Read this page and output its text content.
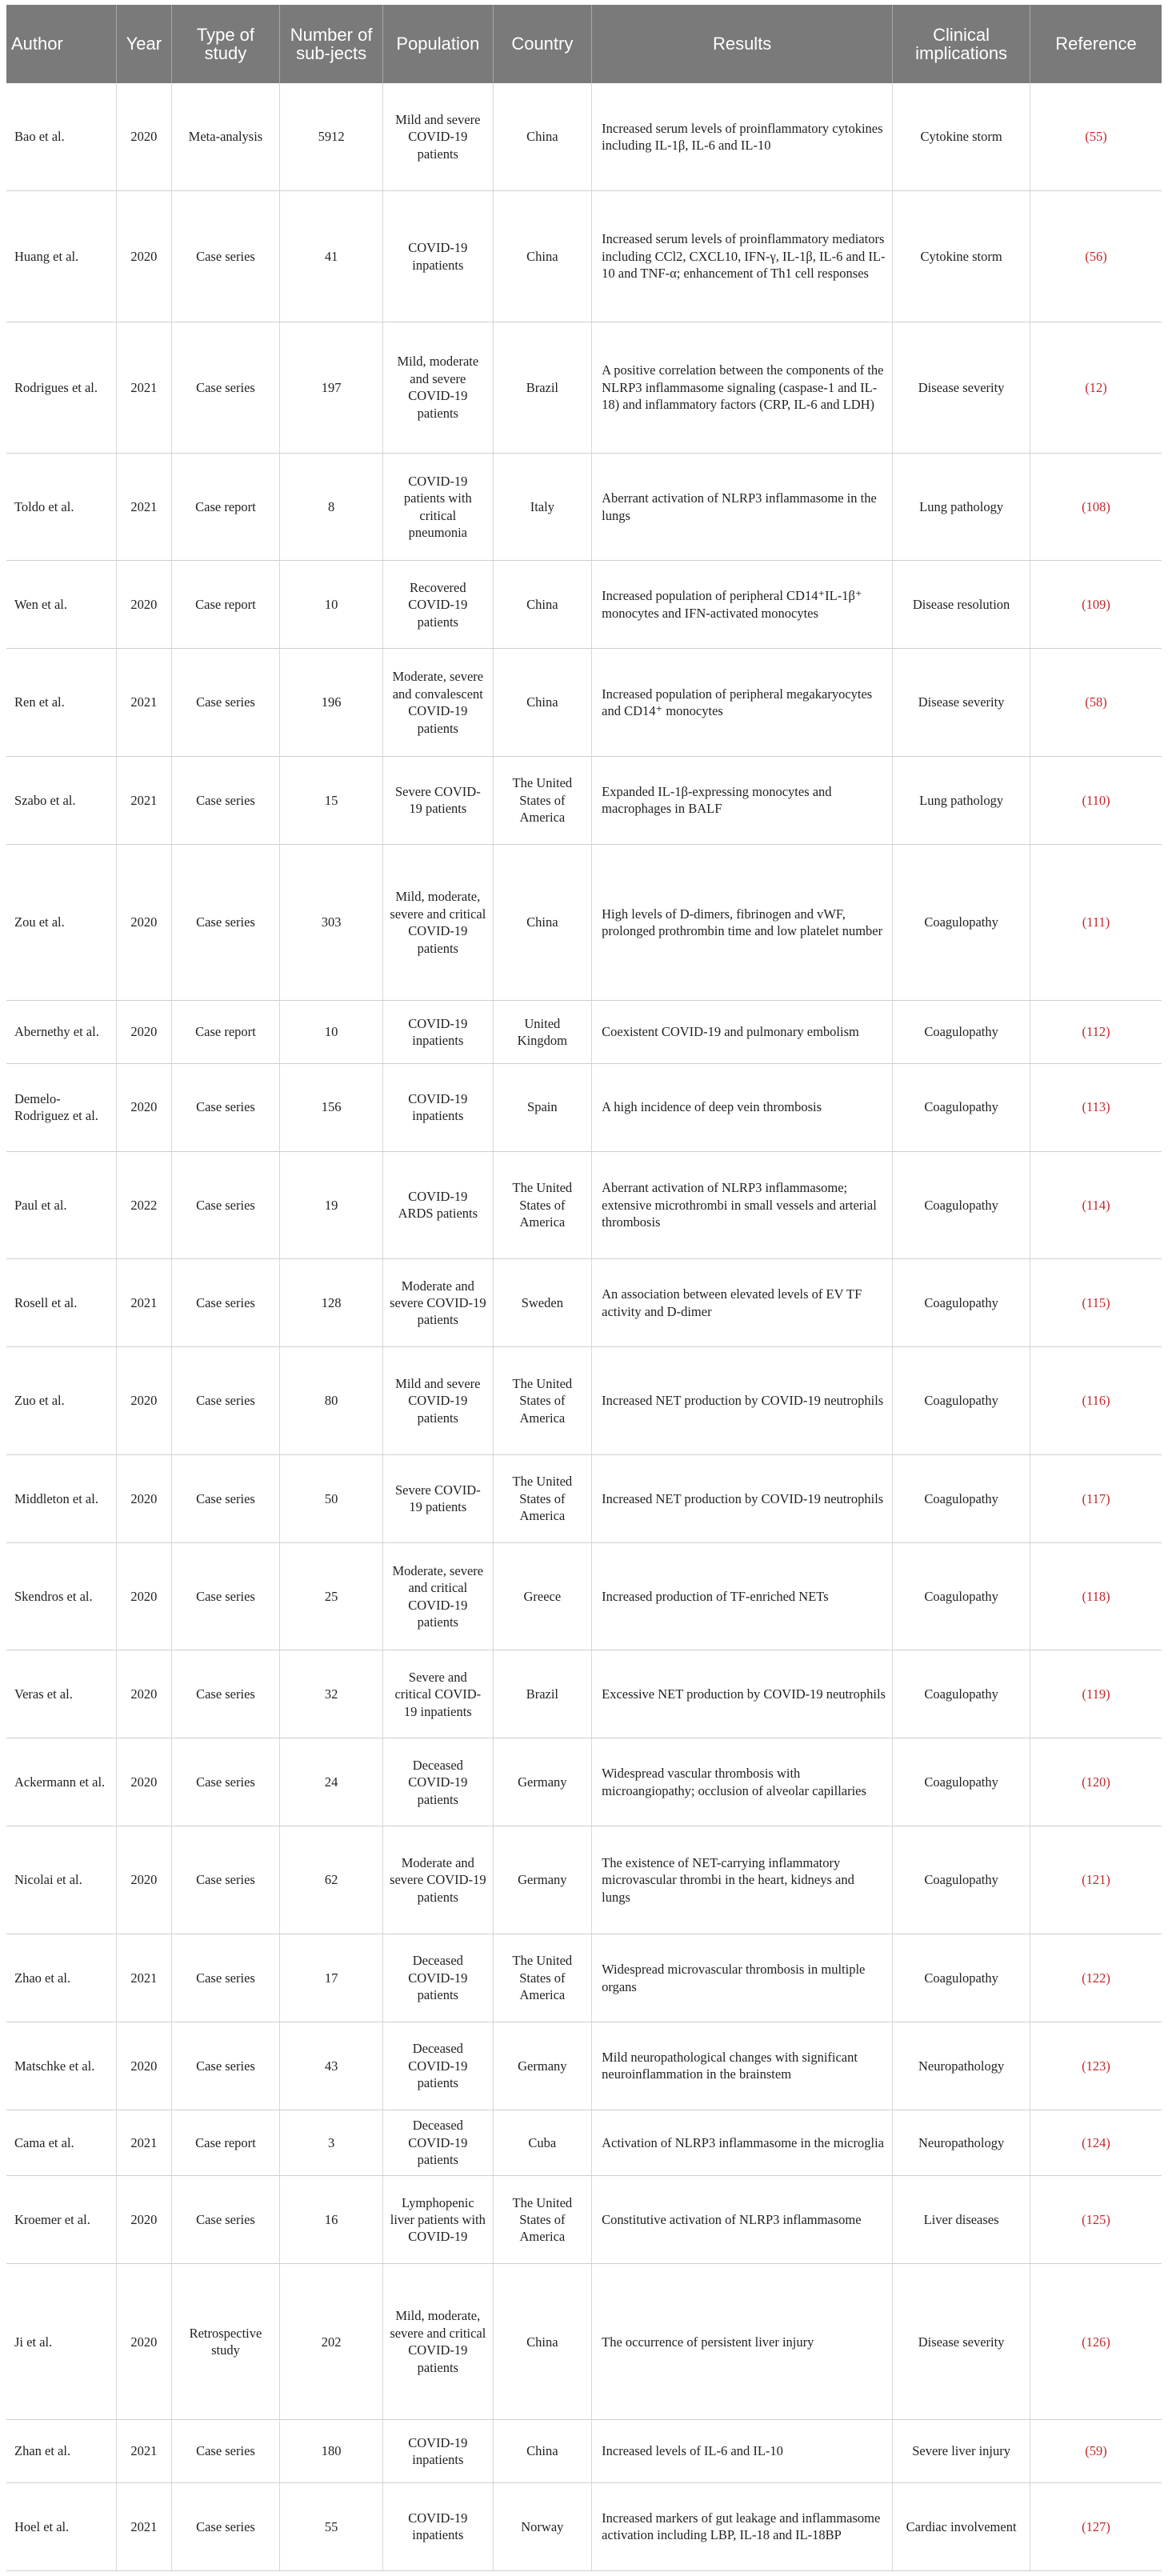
Author	Year	Type of study	Number of sub-jects	Population	Country	Results	Clinical implications	Reference
Bao et al.	2020	Meta-analysis	5912	Mild and severe COVID-19 patients	China	Increased serum levels of proinflammatory cytokines including IL-1β, IL-6 and IL-10	Cytokine storm	(55)
Huang et al.	2020	Case series	41	COVID-19 inpatients	China	Increased serum levels of proinflammatory mediators including CCl2, CXCL10, IFN-γ, IL-1β, IL-6 and IL-10 and TNF-α; enhancement of Th1 cell responses	Cytokine storm	(56)
Rodrigues et al.	2021	Case series	197	Mild, moderate and severe COVID-19 patients	Brazil	A positive correlation between the components of the NLRP3 inflammasome signaling (caspase-1 and IL-18) and inflammatory factors (CRP, IL-6 and LDH)	Disease severity	(12)
Toldo et al.	2021	Case report	8	COVID-19 patients with critical pneumonia	Italy	Aberrant activation of NLRP3 inflammasome in the lungs	Lung pathology	(108)
Wen et al.	2020	Case report	10	Recovered COVID-19 patients	China	Increased population of peripheral CD14⁺IL-1β⁺ monocytes and IFN-activated monocytes	Disease resolution	(109)
Ren et al.	2021	Case series	196	Moderate, severe and convalescent COVID-19 patients	China	Increased population of peripheral megakaryocytes and CD14⁺ monocytes	Disease severity	(58)
Szabo et al.	2021	Case series	15	Severe COVID-19 patients	The United States of America	Expanded IL-1β-expressing monocytes and macrophages in BALF	Lung pathology	(110)
Zou et al.	2020	Case series	303	Mild, moderate, severe and critical COVID-19 patients	China	High levels of D-dimers, fibrinogen and vWF, prolonged prothrombin time and low platelet number	Coagulopathy	(111)
Abernethy et al.	2020	Case report	10	COVID-19 inpatients	United Kingdom	Coexistent COVID-19 and pulmonary embolism	Coagulopathy	(112)
Demelo-Rodriguez et al.	2020	Case series	156	COVID-19 inpatients	Spain	A high incidence of deep vein thrombosis	Coagulopathy	(113)
Paul et al.	2022	Case series	19	COVID-19 ARDS patients	The United States of America	Aberrant activation of NLRP3 inflammasome; extensive microthrombi in small vessels and arterial thrombosis	Coagulopathy	(114)
Rosell et al.	2021	Case series	128	Moderate and severe COVID-19 patients	Sweden	An association between elevated levels of EV TF activity and D-dimer	Coagulopathy	(115)
Zuo et al.	2020	Case series	80	Mild and severe COVID-19 patients	The United States of America	Increased NET production by COVID-19 neutrophils	Coagulopathy	(116)
Middleton et al.	2020	Case series	50	Severe COVID-19 patients	The United States of America	Increased NET production by COVID-19 neutrophils	Coagulopathy	(117)
Skendros et al.	2020	Case series	25	Moderate, severe and critical COVID-19 patients	Greece	Increased production of TF-enriched NETs	Coagulopathy	(118)
Veras et al.	2020	Case series	32	Severe and critical COVID-19 inpatients	Brazil	Excessive NET production by COVID-19 neutrophils	Coagulopathy	(119)
Ackermann et al.	2020	Case series	24	Deceased COVID-19 patients	Germany	Widespread vascular thrombosis with microangiopathy; occlusion of alveolar capillaries	Coagulopathy	(120)
Nicolai et al.	2020	Case series	62	Moderate and severe COVID-19 patients	Germany	The existence of NET-carrying inflammatory microvascular thrombi in the heart, kidneys and lungs	Coagulopathy	(121)
Zhao et al.	2021	Case series	17	Deceased COVID-19 patients	The United States of America	Widespread microvascular thrombosis in multiple organs	Coagulopathy	(122)
Matschke et al.	2020	Case series	43	Deceased COVID-19 patients	Germany	Mild neuropathological changes with significant neuroinflammation in the brainstem	Neuropathology	(123)
Cama et al.	2021	Case report	3	Deceased COVID-19 patients	Cuba	Activation of NLRP3 inflammasome in the microglia	Neuropathology	(124)
Kroemer et al.	2020	Case series	16	Lymphopenic liver patients with COVID-19	The United States of America	Constitutive activation of NLRP3 inflammasome	Liver diseases	(125)
Ji et al.	2020	Retrospective study	202	Mild, moderate, severe and critical COVID-19 patients	China	The occurrence of persistent liver injury	Disease severity	(126)
Zhan et al.	2021	Case series	180	COVID-19 inpatients	China	Increased levels of IL-6 and IL-10	Severe liver injury	(59)
Hoel et al.	2021	Case series	55	COVID-19 inpatients	Norway	Increased markers of gut leakage and inflammasome activation including LBP, IL-18 and IL-18BP	Cardiac involvement	(127)
